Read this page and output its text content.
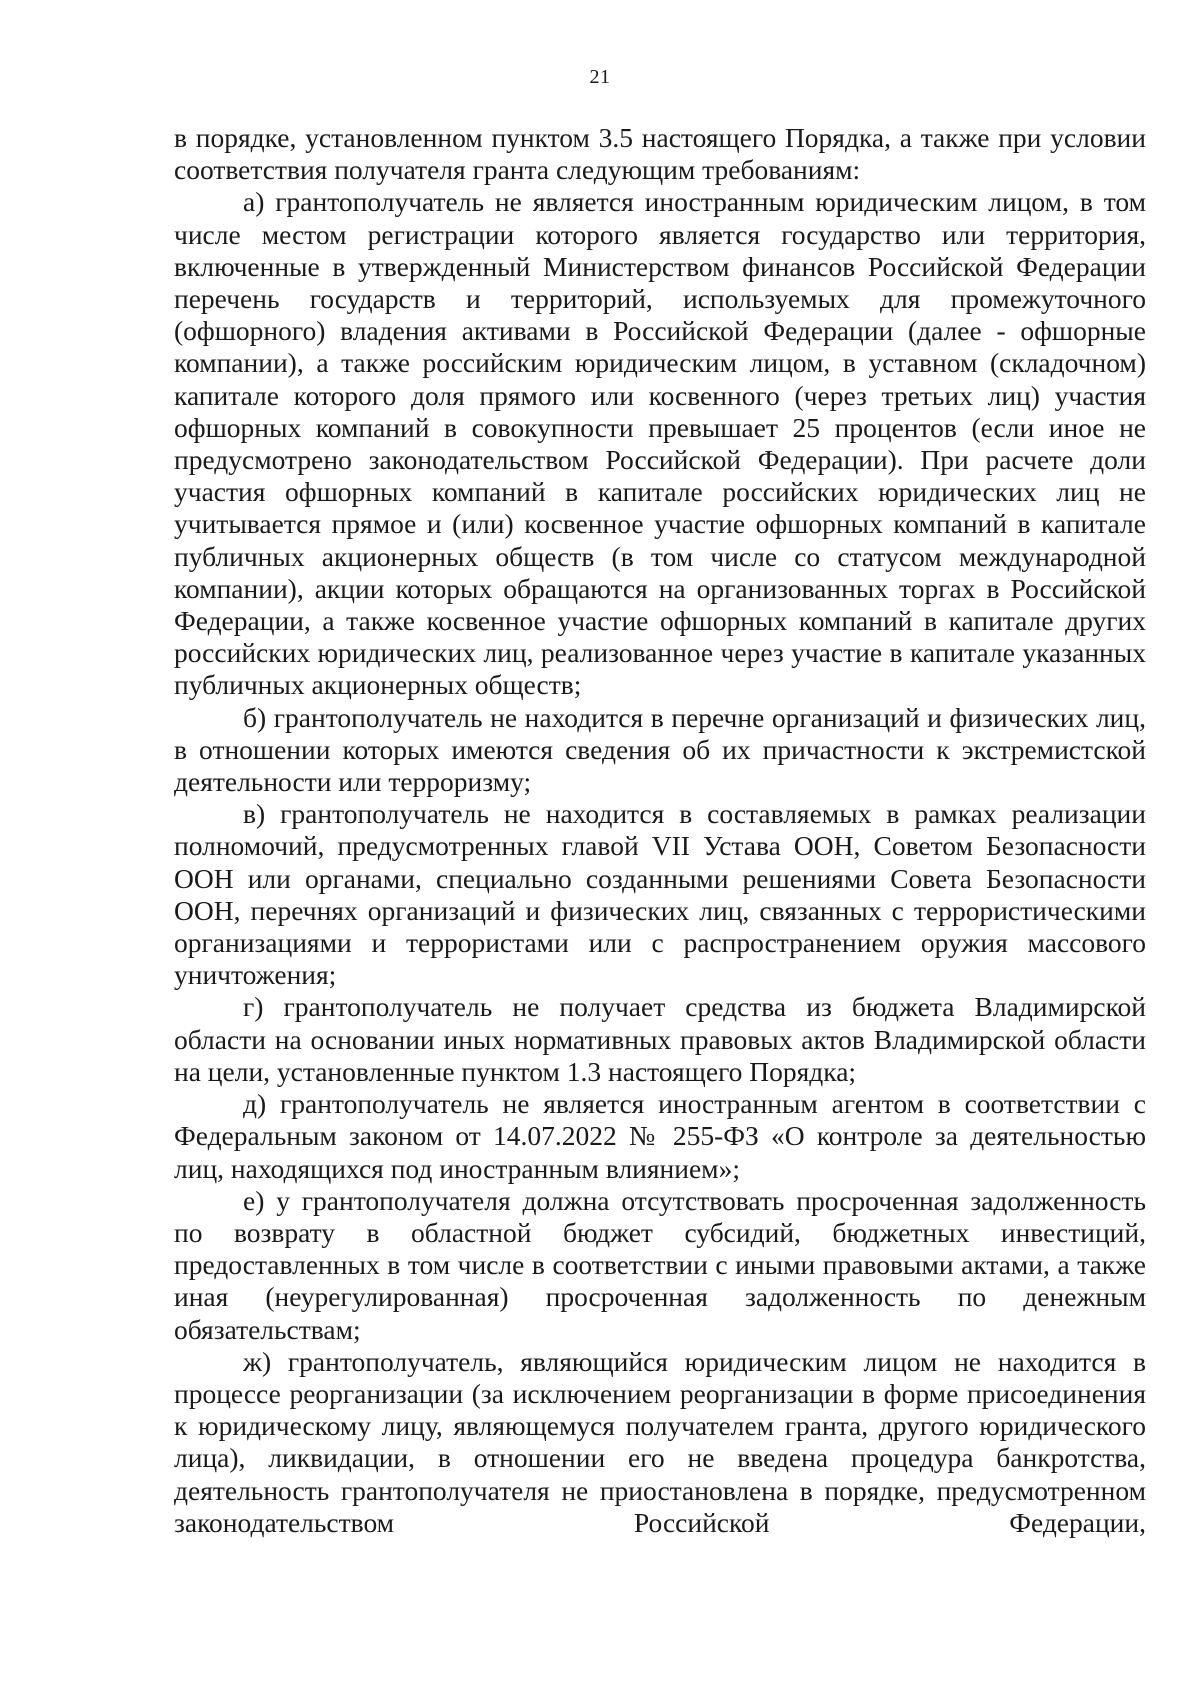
21

в порядке, установленном пунктом 3.5 настоящего Порядка, а также при условии соответствия получателя гранта следующим требованиям:

а) грантополучатель не является иностранным юридическим лицом, в том числе местом регистрации которого является государство или территория, включенные в утвержденный Министерством финансов Российской Федерации перечень государств и территорий, используемых для промежуточного (офшорного) владения активами в Российской Федерации (далее - офшорные компании), а также российским юридическим лицом, в уставном (складочном) капитале которого доля прямого или косвенного (через третьих лиц) участия офшорных компаний в совокупности превышает 25 процентов (если иное не предусмотрено законодательством Российской Федерации). При расчете доли участия офшорных компаний в капитале российских юридических лиц не учитывается прямое и (или) косвенное участие офшорных компаний в капитале публичных акционерных обществ (в том числе со статусом международной компании), акции которых обращаются на организованных торгах в Российской Федерации, а также косвенное участие офшорных компаний в капитале других российских юридических лиц, реализованное через участие в капитале указанных публичных акционерных обществ;

б) грантополучатель не находится в перечне организаций и физических лиц, в отношении которых имеются сведения об их причастности к экстремистской деятельности или терроризму;

в) грантополучатель не находится в составляемых в рамках реализации полномочий, предусмотренных главой VII Устава ООН, Советом Безопасности ООН или органами, специально созданными решениями Совета Безопасности ООН, перечнях организаций и физических лиц, связанных с террористическими организациями и террористами или с распространением оружия массового уничтожения;

г) грантополучатель не получает средства из бюджета Владимирской области на основании иных нормативных правовых актов Владимирской области на цели, установленные пунктом 1.3 настоящего Порядка;

д) грантополучатель не является иностранным агентом в соответствии с Федеральным законом от 14.07.2022 № 255-ФЗ «О контроле за деятельностью лиц, находящихся под иностранным влиянием»;

е) у грантополучателя должна отсутствовать просроченная задолженность по возврату в областной бюджет субсидий, бюджетных инвестиций, предоставленных в том числе в соответствии с иными правовыми актами, а также иная (неурегулированная) просроченная задолженность по денежным обязательствам;

ж) грантополучатель, являющийся юридическим лицом не находится в процессе реорганизации (за исключением реорганизации в форме присоединения к юридическому лицу, являющемуся получателем гранта, другого юридического лица), ликвидации, в отношении его не введена процедура банкротства, деятельность грантополучателя не приостановлена в порядке, предусмотренном законодательством Российской Федерации,
